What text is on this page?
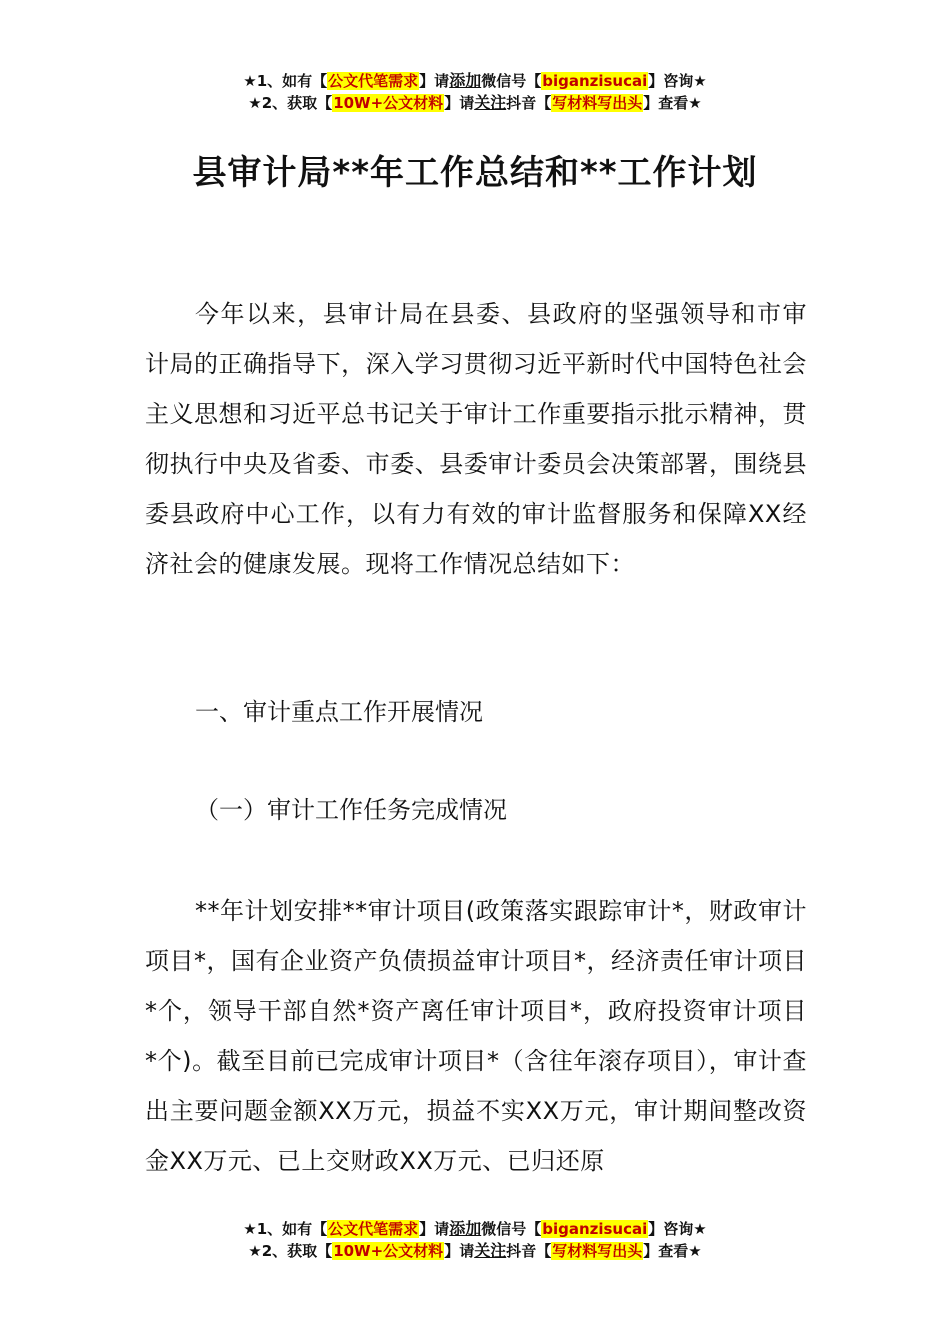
★1、如有【公文代笔需求】请添加微信号【biganzisucai】咨询★
★2、获取【10W+公文材料】请关注抖音【写材料写出头】查看★
县审计局**年工作总结和**工作计划

今年以来，县审计局在县委、县政府的坚强领导和市审计局的正确指导下，深入学习贯彻习近平新时代中国特色社会主义思想和习近平总书记关于审计工作重要指示批示精神，贯彻执行中央及省委、市委、县委审计委员会决策部署，围绕县委县政府中心工作，以有力有效的审计监督服务和保障XX经济社会的健康发展。现将工作情况总结如下：

一、审计重点工作开展情况
（一）审计工作任务完成情况

**年计划安排**审计项目(政策落实跟踪审计*，财政审计项目*，国有企业资产负债损益审计项目*，经济责任审计项目*个，领导干部自然*资产离任审计项目*，政府投资审计项目*个)。截至目前已完成审计项目*（含往年滚存项目），审计查出主要问题金额XX万元，损益不实XX万元，审计期间整改资金XX万元、已上交财政XX万元、已归还原

★1、如有【公文代笔需求】请添加微信号【biganzisucai】咨询★
★2、获取【10W+公文材料】请关注抖音【写材料写出头】查看★
